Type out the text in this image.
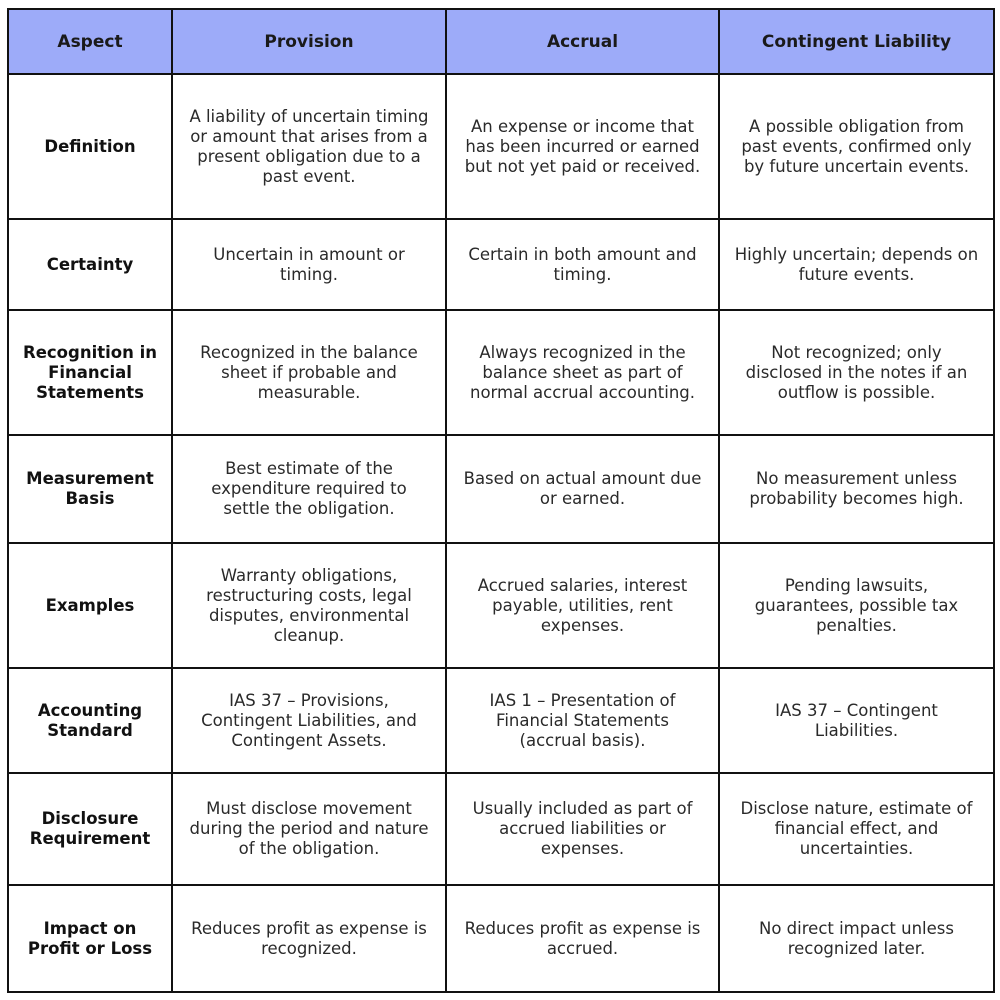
Aspect	Provision	Accrual	Contingent Liability
Definition	A liability of uncertain timing or amount that arises from a present obligation due to a past event.	An expense or income that has been incurred or earned but not yet paid or received.	A possible obligation from past events, confirmed only by future uncertain events.
Certainty	Uncertain in amount or timing.	Certain in both amount and timing.	Highly uncertain; depends on future events.
Recognition in Financial Statements	Recognized in the balance sheet if probable and measurable.	Always recognized in the balance sheet as part of normal accrual accounting.	Not recognized; only disclosed in the notes if an outflow is possible.
Measurement Basis	Best estimate of the expenditure required to settle the obligation.	Based on actual amount due or earned.	No measurement unless probability becomes high.
Examples	Warranty obligations, restructuring costs, legal disputes, environmental cleanup.	Accrued salaries, interest payable, utilities, rent expenses.	Pending lawsuits, guarantees, possible tax penalties.
Accounting Standard	IAS 37 – Provisions, Contingent Liabilities, and Contingent Assets.	IAS 1 – Presentation of Financial Statements (accrual basis).	IAS 37 – Contingent Liabilities.
Disclosure Requirement	Must disclose movement during the period and nature of the obligation.	Usually included as part of accrued liabilities or expenses.	Disclose nature, estimate of financial effect, and uncertainties.
Impact on Profit or Loss	Reduces profit as expense is recognized.	Reduces profit as expense is accrued.	No direct impact unless recognized later.
